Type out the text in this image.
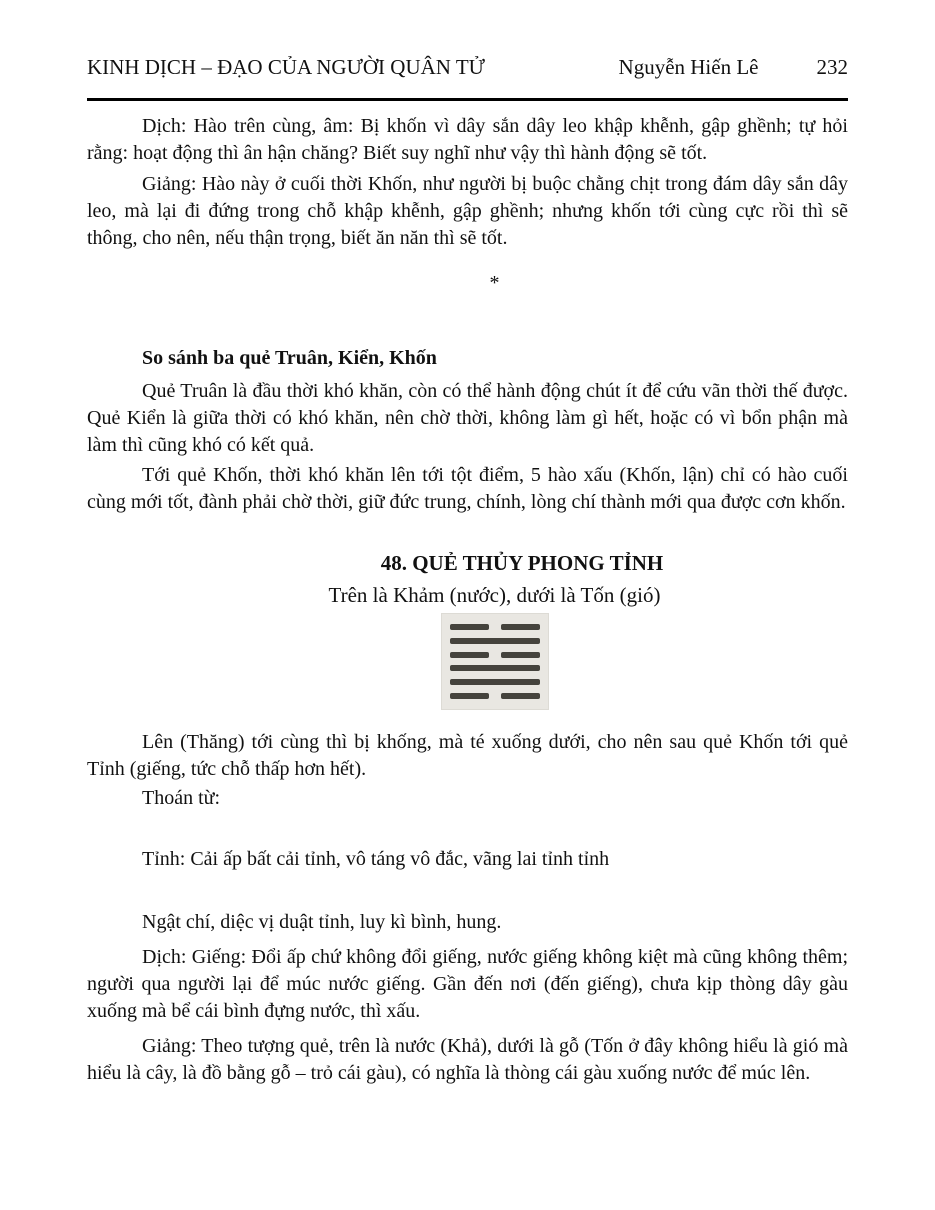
KINH DỊCH – ĐẠO CỦA NGƯỜI QUÂN TỬ	Nguyễn Hiến Lê	232

Dịch: Hào trên cùng, âm: Bị khốn vì dây sắn dây leo khập khễnh, gập ghềnh; tự hỏi rằng: hoạt động thì ân hận chăng? Biết suy nghĩ như vậy thì hành động sẽ tốt.

Giảng: Hào này ở cuối thời Khốn, như người bị buộc chằng chịt trong đám dây sắn dây leo, mà lại đi đứng trong chỗ khập khễnh, gập ghềnh; nhưng khốn tới cùng cực rồi thì sẽ thông, cho nên, nếu thận trọng, biết ăn năn thì sẽ tốt.

*

So sánh ba quẻ Truân, Kiển, Khốn

Quẻ Truân là đầu thời khó khăn, còn có thể hành động chút ít để cứu vãn thời thế được. Quẻ Kiển là giữa thời có khó khăn, nên chờ thời, không làm gì hết, hoặc có vì bổn phận mà làm thì cũng khó có kết quả.

Tới quẻ Khốn, thời khó khăn lên tới tột điểm, 5 hào xấu (Khốn, lận) chỉ có hào cuối cùng mới tốt, đành phải chờ thời, giữ đức trung, chính, lòng chí thành mới qua được cơn khốn.

48. QUẺ THỦY PHONG TỈNH

Trên là Khảm (nước), dưới là Tốn (gió)

Lên (Thăng) tới cùng thì bị khống, mà té xuống dưới, cho nên sau quẻ Khốn tới quẻ Tỉnh (giếng, tức chỗ thấp hơn hết).

Thoán từ:

Tỉnh: Cải ấp bất cải tỉnh, vô táng vô đắc, vãng lai tỉnh tỉnh

Ngật chí, diệc vị duật tỉnh, luy kì bình, hung.

Dịch: Giếng: Đổi ấp chứ không đổi giếng, nước giếng không kiệt mà cũng không thêm; người qua người lại để múc nước giếng. Gần đến nơi (đến giếng), chưa kịp thòng dây gàu xuống mà bể cái bình đựng nước, thì xấu.

Giảng: Theo tượng quẻ, trên là nước (Khả), dưới là gỗ (Tốn ở đây không hiểu là gió mà hiểu là cây, là đồ bằng gỗ – trỏ cái gàu), có nghĩa là thòng cái gàu xuống nước để múc lên.
